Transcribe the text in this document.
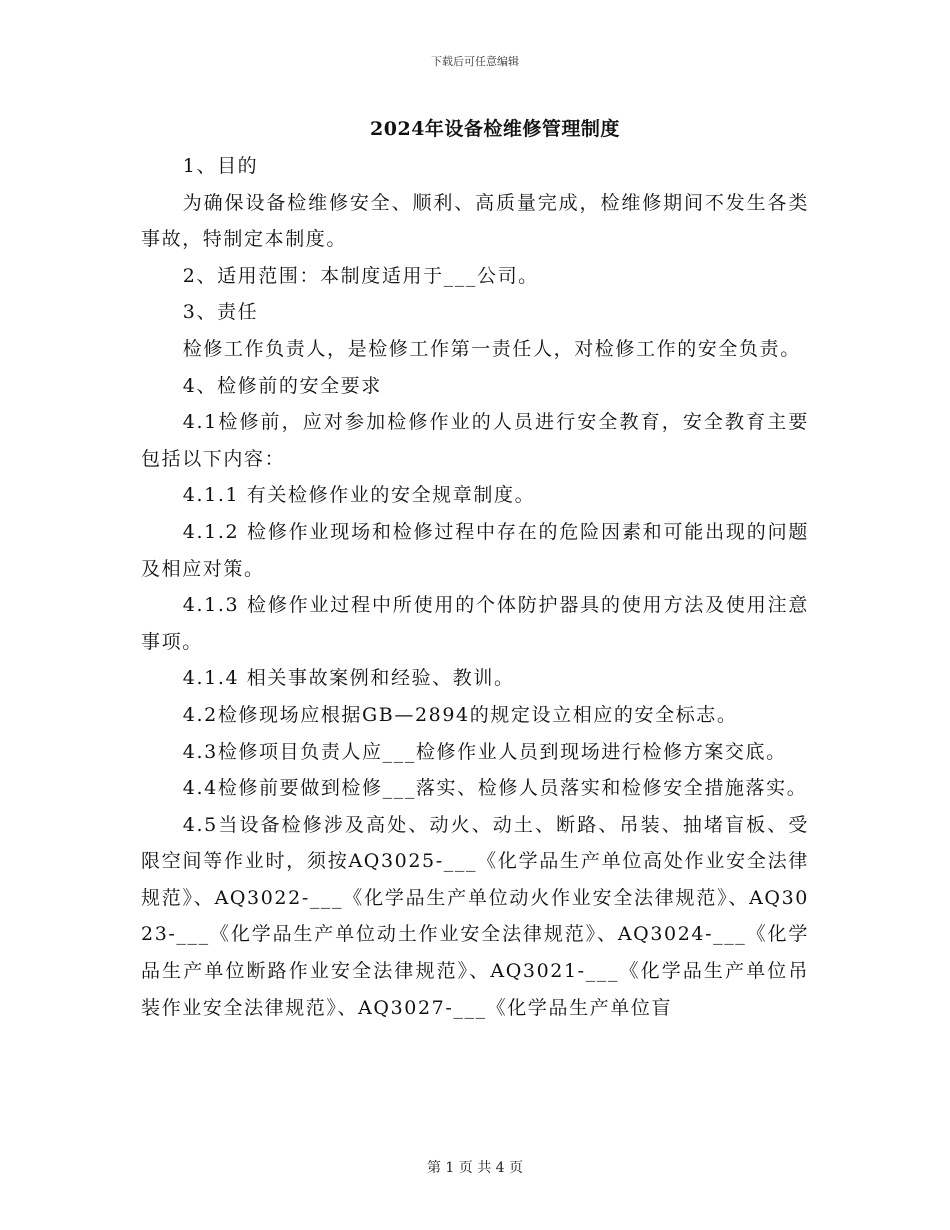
下载后可任意编辑
2024年设备检维修管理制度

1、目的

为确保设备检维修安全、顺利、高质量完成，检维修期间不发生各类事故，特制定本制度。

2、适用范围：本制度适用于___公司。

3、责任

检修工作负责人，是检修工作第一责任人，对检修工作的安全负责。

4、检修前的安全要求

4.1检修前，应对参加检修作业的人员进行安全教育，安全教育主要包括以下内容：

4.1.1 有关检修作业的安全规章制度。

4.1.2 检修作业现场和检修过程中存在的危险因素和可能出现的问题及相应对策。

4.1.3 检修作业过程中所使用的个体防护器具的使用方法及使用注意事项。

4.1.4 相关事故案例和经验、教训。

4.2检修现场应根据GB—2894的规定设立相应的安全标志。

4.3检修项目负责人应___检修作业人员到现场进行检修方案交底。

4.4检修前要做到检修___落实、检修人员落实和检修安全措施落实。

4.5当设备检修涉及高处、动火、动土、断路、吊装、抽堵盲板、受限空间等作业时，须按AQ3025-___《化学品生产单位高处作业安全法律规范》、AQ3022-___《化学品生产单位动火作业安全法律规范》、AQ3023-___《化学品生产单位动土作业安全法律规范》、AQ3024-___《化学品生产单位断路作业安全法律规范》、AQ3021-___《化学品生产单位吊装作业安全法律规范》、AQ3027-___《化学品生产单位盲

第 1 页 共 4 页
